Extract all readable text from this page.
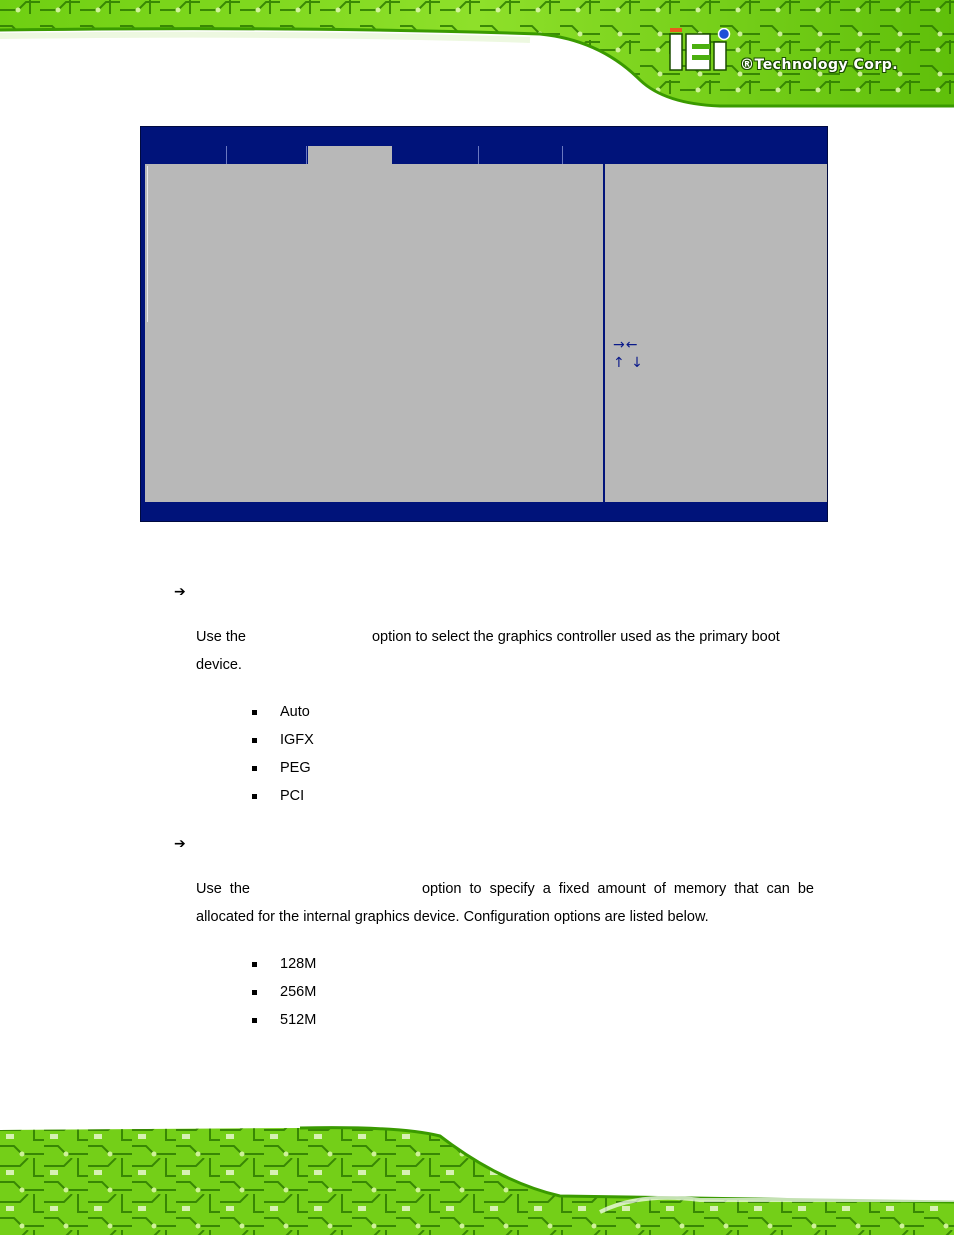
®Technology Corp.
→←
↑ ↓
➔
Use the	option to select the graphics controller used as the primary boot device.
Auto
IGFX
PEG
PCI
➔
Use the	option to specify a fixed amount of memory that can be allocated for the internal graphics device. Configuration options are listed below.
128M
256M
512M
